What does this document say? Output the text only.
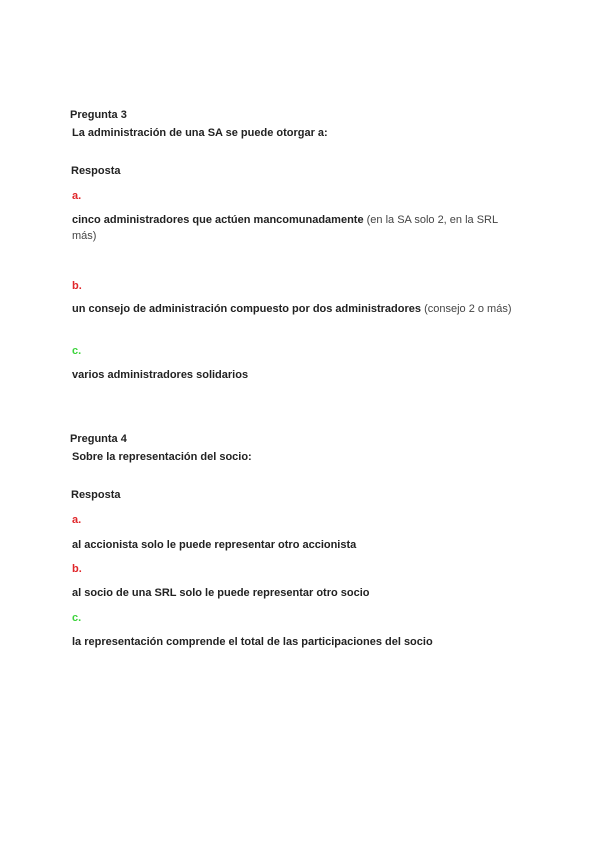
Pregunta 3
La administración de una SA se puede otorgar a:
Resposta
a.
cinco administradores que actúen mancomunadamente (en la SA solo 2, en la SRL más)
b.
un consejo de administración compuesto por dos administradores (consejo 2 o más)
c.
varios administradores solidarios
Pregunta 4
Sobre la representación del socio:
Resposta
a.
al accionista solo le puede representar otro accionista
b.
al socio de una SRL solo le puede representar otro socio
c.
la representación comprende el total de las participaciones del socio
